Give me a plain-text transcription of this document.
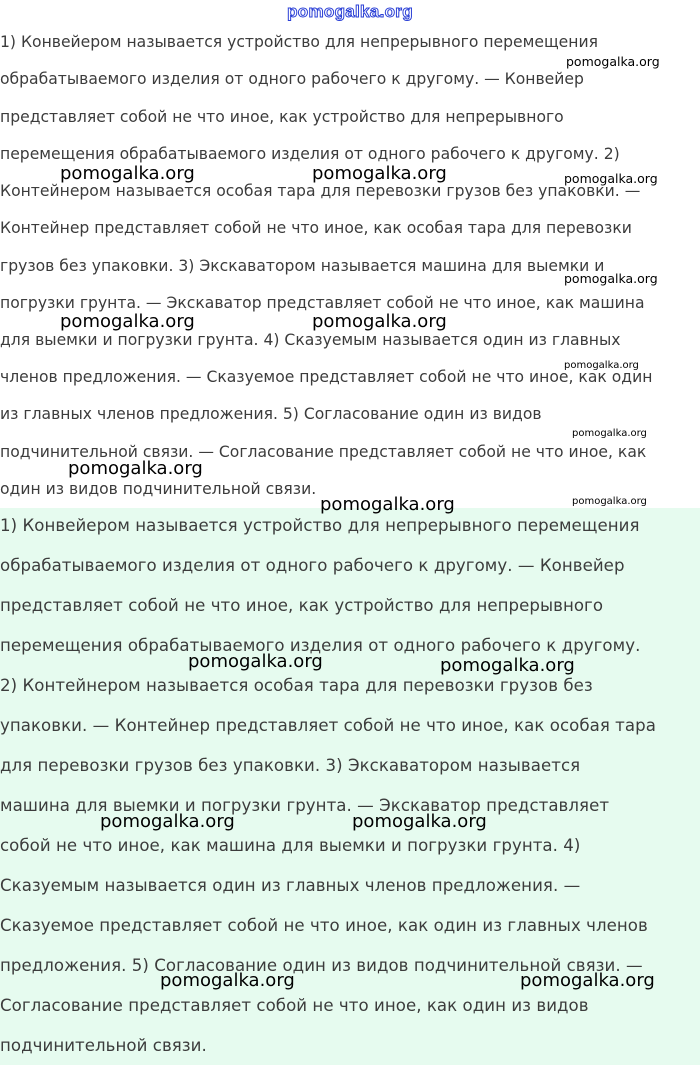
pomogalka.org
1) Конвейером называется устройство для непрерывного перемещения
обрабатываемого изделия от одного рабочего к другому. — Конвейер
представляет собой не что иное, как устройство для непрерывного
перемещения обрабатываемого изделия от одного рабочего к другому. 2)
Контейнером называется особая тара для перевозки грузов без упаковки. —
Контейнер представляет собой не что иное, как особая тара для перевозки
грузов без упаковки. 3) Экскаватором называется машина для выемки и
погрузки грунта. — Экскаватор представляет собой не что иное, как машина
для выемки и погрузки грунта. 4) Сказуемым называется один из главных
членов предложения. — Сказуемое представляет собой не что иное, как один
из главных членов предложения. 5) Согласование один из видов
подчинительной связи. — Согласование представляет собой не что иное, как
один из видов подчинительной связи.
1) Конвейером называется устройство для непрерывного перемещения
обрабатываемого изделия от одного рабочего к другому. — Конвейер
представляет собой не что иное, как устройство для непрерывного
перемещения обрабатываемого изделия от одного рабочего к другому.
2) Контейнером называется особая тара для перевозки грузов без
упаковки. — Контейнер представляет собой не что иное, как особая тара
для перевозки грузов без упаковки. 3) Экскаватором называется
машина для выемки и погрузки грунта. — Экскаватор представляет
собой не что иное, как машина для выемки и погрузки грунта. 4)
Сказуемым называется один из главных членов предложения. —
Сказуемое представляет собой не что иное, как один из главных членов
предложения. 5) Согласование один из видов подчинительной связи. —
Согласование представляет собой не что иное, как один из видов
подчинительной связи.
pomogalka.org
pomogalka.org	pomogalka.org	pomogalka.org
pomogalka.org
pomogalka.org	pomogalka.org
pomogalka.org
pomogalka.org
pomogalka.org
pomogalka.org	pomogalka.org
pomogalka.org	pomogalka.org
pomogalka.org	pomogalka.org
pomogalka.org	pomogalka.org
